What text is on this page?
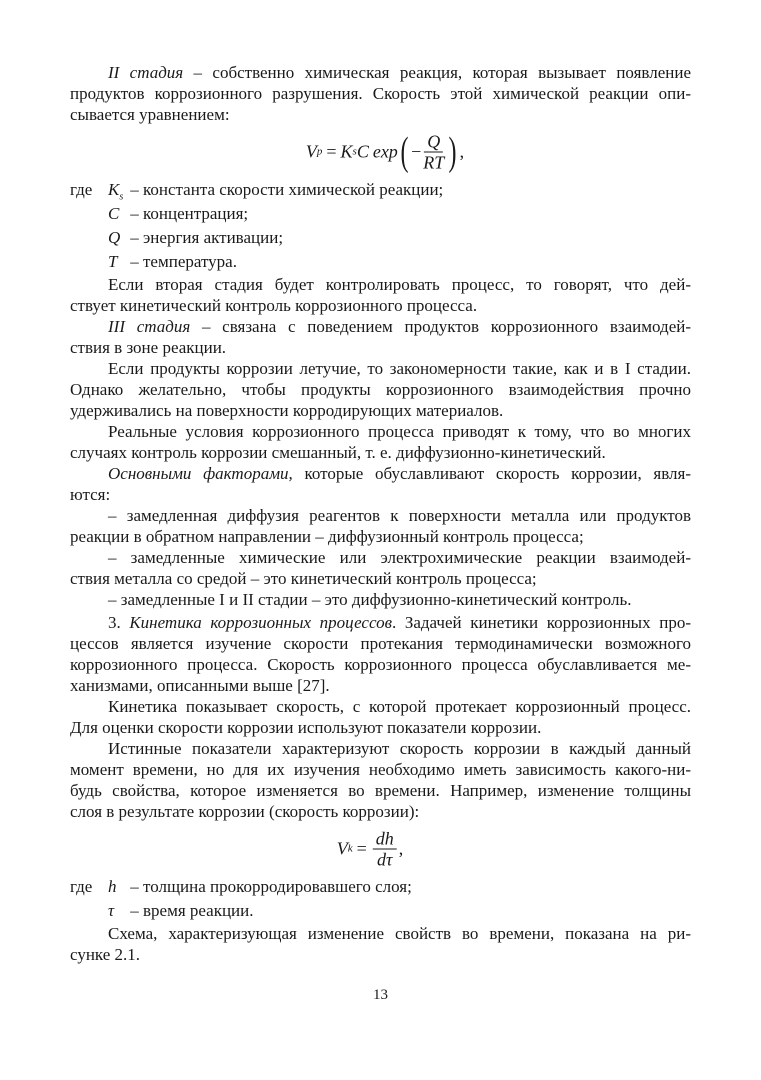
II стадия – собственно химическая реакция, которая вызывает появление
продуктов коррозионного разрушения. Скорость этой химической реакции опи-
сывается уравнением:
V p = K s C exp ( − $\frac{Q}{RT}$ ) ,
где $K_s$ – константа скорости химической реакции;
C – концентрация;
Q – энергия активации;
T – температура.
Если вторая стадия будет контролировать процесс, то говорят, что дей-
ствует кинетический контроль коррозионного процесса.
III стадия – связана с поведением продуктов коррозионного взаимодей-
ствия в зоне реакции.
Если продукты коррозии летучие, то закономерности такие, как и в I стадии.
Однако желательно, чтобы продукты коррозионного взаимодействия прочно
удерживались на поверхности корродирующих материалов.
Реальные условия коррозионного процесса приводят к тому, что во многих
случаях контроль коррозии смешанный, т. е. диффузионно-кинетический.
Основными факторами, которые обуславливают скорость коррозии, явля-
ются:
– замедленная диффузия реагентов к поверхности металла или продуктов
реакции в обратном направлении – диффузионный контроль процесса;
– замедленные химические или электрохимические реакции взаимодей-
ствия металла со средой – это кинетический контроль процесса;
– замедленные I и II стадии – это диффузионно-кинетический контроль.
3. Кинетика коррозионных процессов. Задачей кинетики коррозионных про-
цессов является изучение скорости протекания термодинамически возможного
коррозионного процесса. Скорость коррозионного процесса обуславливается ме-
ханизмами, описанными выше [27].
Кинетика показывает скорость, с которой протекает коррозионный процесс.
Для оценки скорости коррозии используют показатели коррозии.
Истинные показатели характеризуют скорость коррозии в каждый данный
момент времени, но для их изучения необходимо иметь зависимость какого-ни-
будь свойства, которое изменяется во времени. Например, изменение толщины
слоя в результате коррозии (скорость коррозии):
V $k = \frac{dh}{d\tau}$ ,
где h – толщина прокорродировавшего слоя;
τ – время реакции.
Схема, характеризующая изменение свойств во времени, показана на ри-
сунке 2.1.
13
